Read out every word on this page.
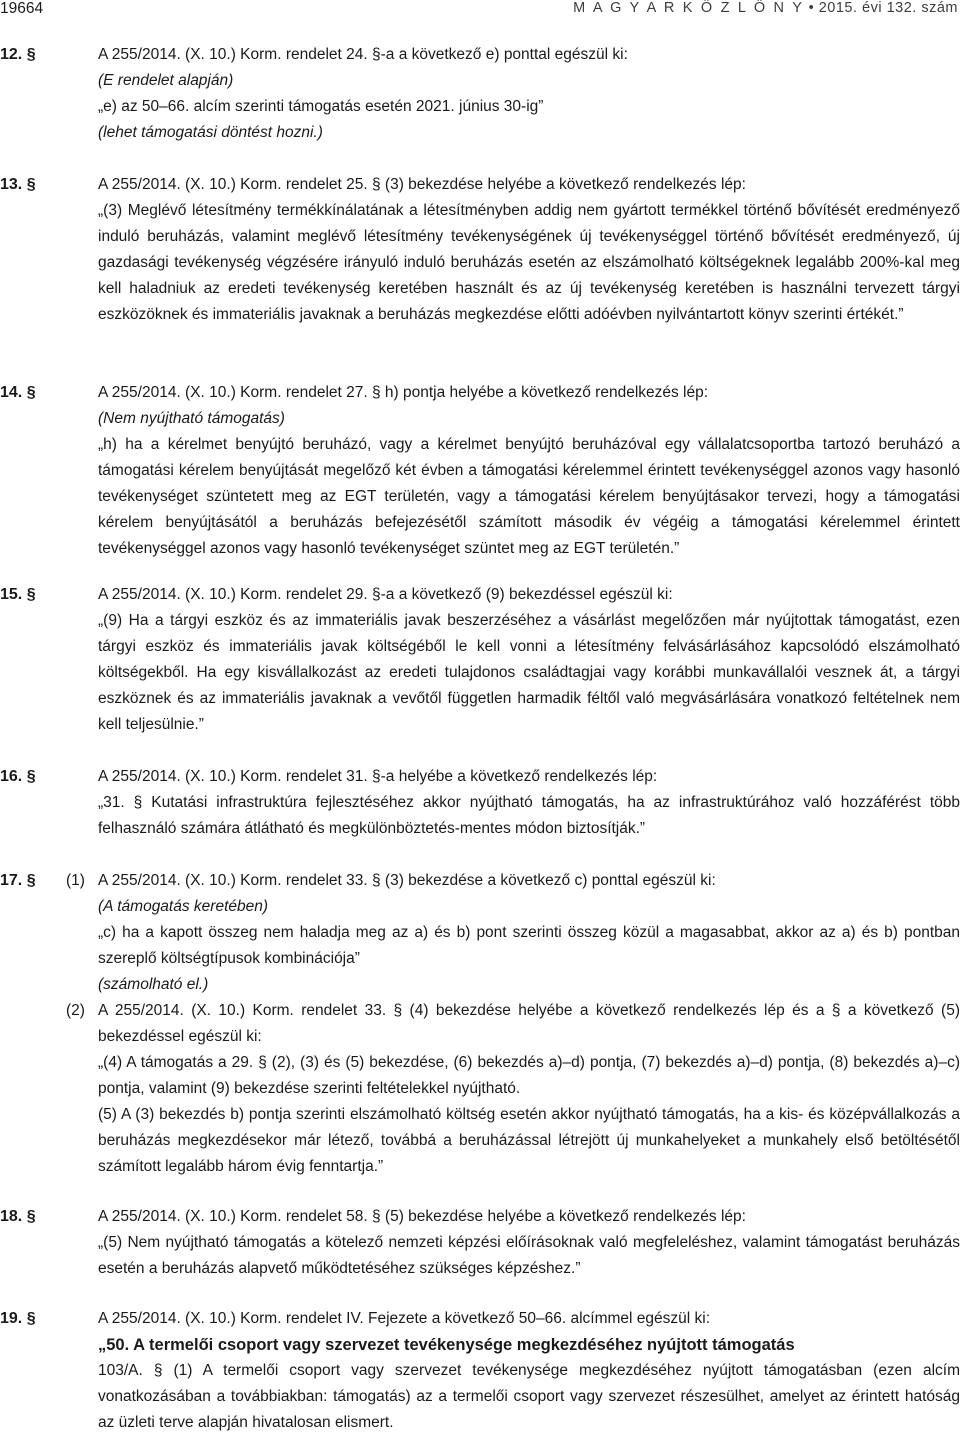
19664	M A G Y A R K Ö Z L Ö N Y • 2015. évi 132. szám
12. §	A 255/2014. (X. 10.) Korm. rendelet 24. §-a a következő e) ponttal egészül ki:

(E rendelet alapján)

„e) az 50–66. alcím szerinti támogatás esetén 2021. június 30-ig”

(lehet támogatási döntést hozni.)

13. §	A 255/2014. (X. 10.) Korm. rendelet 25. § (3) bekezdése helyébe a következő rendelkezés lép:

„(3) Meglévő létesítmény termékkínálatának a létesítményben addig nem gyártott termékkel történő bővítését eredményező induló beruházás, valamint meglévő létesítmény tevékenységének új tevékenységgel történő bővítését eredményező, új gazdasági tevékenység végzésére irányuló induló beruházás esetén az elszámolható költségeknek legalább 200%-kal meg kell haladniuk az eredeti tevékenység keretében használt és az új tevékenység keretében is használni tervezett tárgyi eszközöknek és immateriális javaknak a beruházás megkezdése előtti adóévben nyilvántartott könyv szerinti értékét.”

14. §	A 255/2014. (X. 10.) Korm. rendelet 27. § h) pontja helyébe a következő rendelkezés lép:

(Nem nyújtható támogatás)

„h) ha a kérelmet benyújtó beruházó, vagy a kérelmet benyújtó beruházóval egy vállalatcsoportba tartozó beruházó a támogatási kérelem benyújtását megelőző két évben a támogatási kérelemmel érintett tevékenységgel azonos vagy hasonló tevékenységet szüntetett meg az EGT területén, vagy a támogatási kérelem benyújtásakor tervezi, hogy a támogatási kérelem benyújtásától a beruházás befejezésétől számított második év végéig a támogatási kérelemmel érintett tevékenységgel azonos vagy hasonló tevékenységet szüntet meg az EGT területén.”

15. §	A 255/2014. (X. 10.) Korm. rendelet 29. §-a a következő (9) bekezdéssel egészül ki:

„(9) Ha a tárgyi eszköz és az immateriális javak beszerzéséhez a vásárlást megelőzően már nyújtottak támogatást, ezen tárgyi eszköz és immateriális javak költségéből le kell vonni a létesítmény felvásárlásához kapcsolódó elszámolható költségekből. Ha egy kisvállalkozást az eredeti tulajdonos családtagjai vagy korábbi munkavállalói vesznek át, a tárgyi eszköznek és az immateriális javaknak a vevőtől független harmadik féltől való megvásárlására vonatkozó feltételnek nem kell teljesülnie.”

16. §	A 255/2014. (X. 10.) Korm. rendelet 31. §-a helyébe a következő rendelkezés lép:

„31. § Kutatási infrastruktúra fejlesztéséhez akkor nyújtható támogatás, ha az infrastruktúrához való hozzáférést több felhasználó számára átlátható és megkülönböztetés-mentes módon biztosítják.”

17. § (1) A 255/2014. (X. 10.) Korm. rendelet 33. § (3) bekezdése a következő c) ponttal egészül ki:

(A támogatás keretében)

„c) ha a kapott összeg nem haladja meg az a) és b) pont szerinti összeg közül a magasabbat, akkor az a) és b) pontban szereplő költségtípusok kombinációja”

(számolható el.)

(2) A 255/2014. (X. 10.) Korm. rendelet 33. § (4) bekezdése helyébe a következő rendelkezés lép és a § a következő (5) bekezdéssel egészül ki:

„(4) A támogatás a 29. § (2), (3) és (5) bekezdése, (6) bekezdés a)–d) pontja, (7) bekezdés a)–d) pontja, (8) bekezdés a)–c) pontja, valamint (9) bekezdése szerinti feltételekkel nyújtható.

(5) A (3) bekezdés b) pontja szerinti elszámolható költség esetén akkor nyújtható támogatás, ha a kis- és középvállalkozás a beruházás megkezdésekor már létező, továbbá a beruházással létrejött új munkahelyeket a munkahely első betöltésétől számított legalább három évig fenntartja.”

18. §	A 255/2014. (X. 10.) Korm. rendelet 58. § (5) bekezdése helyébe a következő rendelkezés lép:

„(5) Nem nyújtható támogatás a kötelező nemzeti képzési előírásoknak való megfeleléshez, valamint támogatást beruházás esetén a beruházás alapvető működtetéséhez szükséges képzéshez.”

19. §	A 255/2014. (X. 10.) Korm. rendelet IV. Fejezete a következő 50–66. alcímmel egészül ki:

„50. A termelői csoport vagy szervezet tevékenysége megkezdéséhez nyújtott támogatás

103/A. § (1) A termelői csoport vagy szervezet tevékenysége megkezdéséhez nyújtott támogatásban (ezen alcím vonatkozásában a továbbiakban: támogatás) az a termelői csoport vagy szervezet részesülhet, amelyet az érintett hatóság az üzleti terve alapján hivatalosan elismert.
